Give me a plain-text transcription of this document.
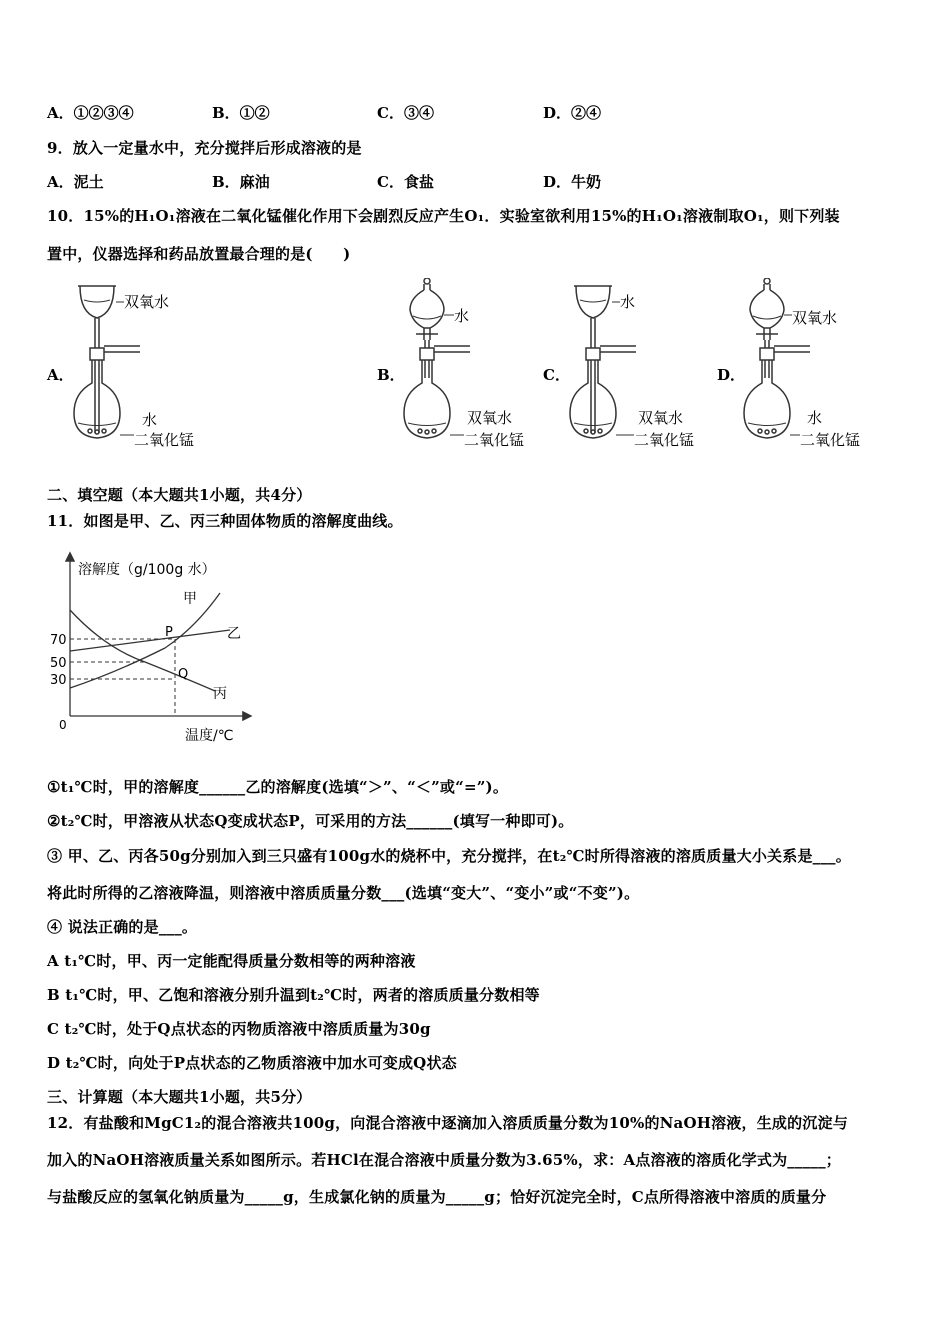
A．①②③④	B．①②	C．③④	D．②④
9．放入一定量水中，充分搅拌后形成溶液的是
A．泥土	B．麻油	C．食盐	D．牛奶
10．15%的H₁O₁溶液在二氧化锰催化作用下会剧烈反应产生O₁．实验室欲利用15%的H₁O₁溶液制取O₁，则下列装
置中，仪器选择和药品放置最合理的是(　　)
A．	B．	C．	D．
双氧水
水
二氧化锰
水
双氧水
二氧化锰
水
双氧水
二氧化锰
双氧水
水
二氧化锰
二、填空题（本大题共1小题，共4分）
11．如图是甲、乙、丙三种固体物质的溶解度曲线。
溶解度（g/100g 水）
温度/℃
70
50
30
0
甲
乙
丙
P
Q
①t₁℃时，甲的溶解度______乙的溶解度(选填“＞”、“＜”或“=”)。
②t₂℃时，甲溶液从状态Q变成状态P，可采用的方法______(填写一种即可)。
③ 甲、乙、丙各50g分别加入到三只盛有100g水的烧杯中，充分搅拌，在t₂℃时所得溶液的溶质质量大小关系是___。
将此时所得的乙溶液降温，则溶液中溶质质量分数___(选填“变大”、“变小”或“不变”)。
④ 说法正确的是___。
A t₁℃时，甲、丙一定能配得质量分数相等的两种溶液
B t₁℃时，甲、乙饱和溶液分别升温到t₂℃时，两者的溶质质量分数相等
C t₂℃时，处于Q点状态的丙物质溶液中溶质质量为30g
D t₂℃时，向处于P点状态的乙物质溶液中加水可变成Q状态
三、计算题（本大题共1小题，共5分）
12．有盐酸和MgC1₂的混合溶液共100g，向混合溶液中逐滴加入溶质质量分数为10%的NaOH溶液，生成的沉淀与
加入的NaOH溶液质量关系如图所示。若HCl在混合溶液中质量分数为3.65%，求：A点溶液的溶质化学式为_____；
与盐酸反应的氢氧化钠质量为_____g，生成氯化钠的质量为_____g；恰好沉淀完全时，C点所得溶液中溶质的质量分
